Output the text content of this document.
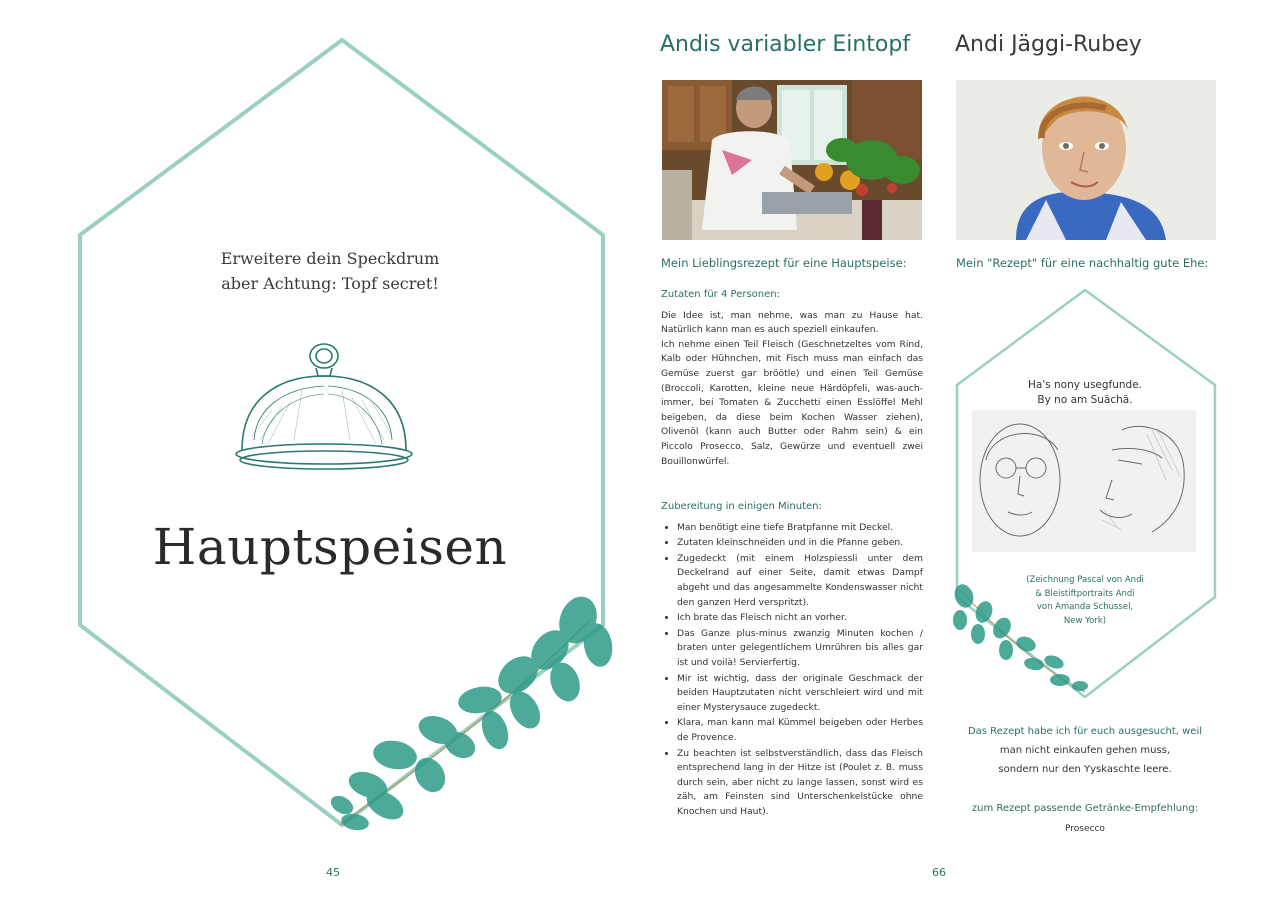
Erweitere dein Speckdrum
aber Achtung: Topf secret!
Hauptspeisen
45
Andis variabler Eintopf Andi Jäggi-Rubey
Mein Lieblingsrezept für eine Hauptspeise:	Mein "Rezept" für eine nachhaltig gute Ehe:
Zutaten für 4 Personen:

Die Idee ist, man nehme, was man zu Hause hat. Natürlich kann man es auch speziell einkaufen.

Ich nehme einen Teil Fleisch (Geschnetzeltes vom Rind, Kalb oder Hühnchen, mit Fisch muss man einfach das Gemüse zuerst gar bröötle) und einen Teil Gemüse (Broccoli, Karotten, kleine neue Härdöpfeli, was-auch-immer, bei Tomaten & Zucchetti einen Esslöffel Mehl beigeben, da diese beim Kochen Wasser ziehen), Olivenöl (kann auch Butter oder Rahm sein) & ein Piccolo Prosecco, Salz, Gewürze und eventuell zwei Bouillonwürfel.

Zubereitung in einigen Minuten:
• Man benötigt eine tiefe Bratpfanne mit Deckel.
• Zutaten kleinschneiden und in die Pfanne geben.
• Zugedeckt (mit einem Holzspiessli unter dem Deckelrand auf einer Seite, damit etwas Dampf abgeht und das angesammelte Kondenswasser nicht den ganzen Herd verspritzt).
• Ich brate das Fleisch nicht an vorher.
• Das Ganze plus-minus zwanzig Minuten kochen / braten unter gelegentlichem Umrühren bis alles gar ist und voilà! Servierfertig.
• Mir ist wichtig, dass der originale Geschmack der beiden Hauptzutaten nicht verschleiert wird und mit einer Mysterysauce zugedeckt.
• Klara, man kann mal Kümmel beigeben oder Herbes de Provence.
• Zu beachten ist selbstverständlich, dass das Fleisch entsprechend lang in der Hitze ist (Poulet z. B. muss durch sein, aber nicht zu lange lassen, sonst wird es zäh, am Feinsten sind Unterschenkelstücke ohne Knochen und Haut).
Ha's nony usegfunde.
By no am Suächä.
(Zeichnung Pascal von Andi
& Bleistiftportraits Andi
von Amanda Schussel,
New York)
Das Rezept habe ich für euch ausgesucht, weil
man nicht einkaufen gehen muss,
sondern nur den Yyskaschte leere.
zum Rezept passende Getränke-Empfehlung:
Prosecco
66
